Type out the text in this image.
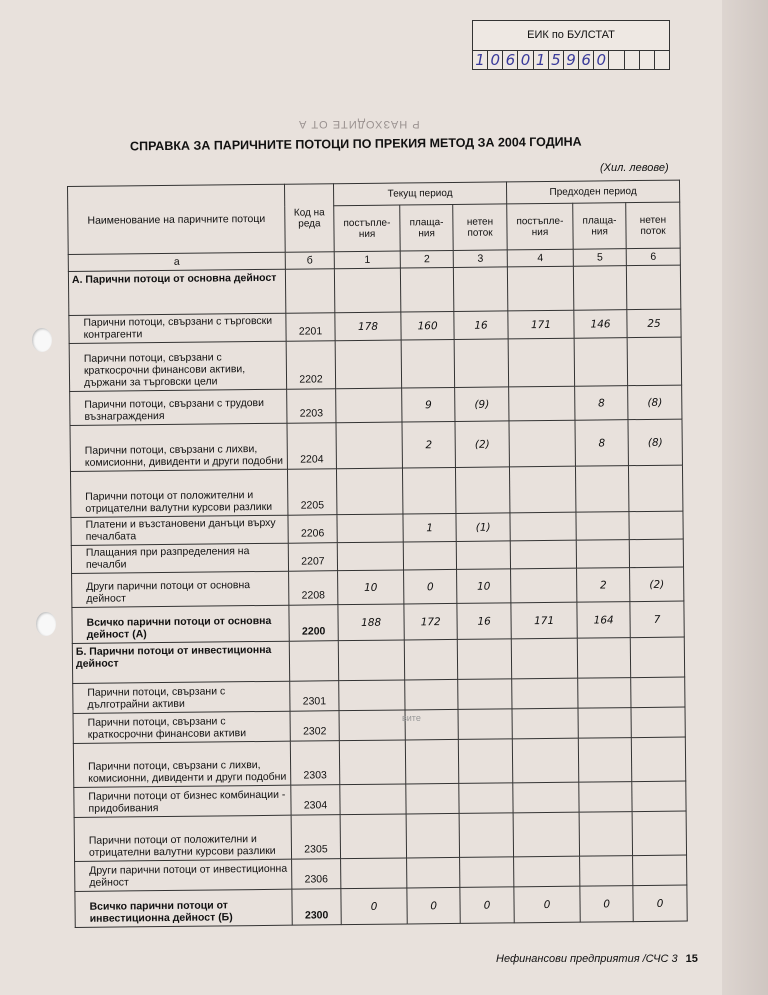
ЕИК по БУЛСТАТ
1 0 6 0 1 5 9 6 0
Р НАЗХОДИТЕ ОТ А
СПРАВКА ЗА ПАРИЧНИТЕ ПОТОЦИ ПО ПРЕКИЯ МЕТОД ЗА 2004 ГОДИНА
(Хил. левове)
Наименование на паричните потоци	Код на реда	Текущ период			Предходен период		
		постъпле-ния	плаща-ния	нетен поток	постъпле-ния	плаща-ния	нетен поток
а	б	1	2	3	4	5	6
А. Парични потоци от основна дейност							
Парични потоци, свързани с търговски контрагенти	2201	178	160	16	171	146	25
Парични потоци, свързани с краткосрочни финансови активи, държани за търговски цели	2202						
Парични потоци, свързани с трудови възнаграждения	2203		9	(9)		8	(8)
Парични потоци, свързани с лихви, комисионни, дивиденти и други подобни	2204		2	(2)		8	(8)
Парични потоци от положителни и отрицателни валутни курсови разлики	2205						
Платени и възстановени данъци върху печалбата	2206		1	(1)			
Плащания при разпределения на печалби	2207						
Други парични потоци от основна дейност	2208	10	0	10		2	(2)
Всичко парични потоци от основна дейност (А)	2200	188	172	16	171	164	7
Б. Парични потоци от инвестиционна дейност							
Парични потоци, свързани с дълготрайни активи	2301						
Парични потоци, свързани с краткосрочни финансови активи	2302						
Парични потоци, свързани с лихви, комисионни, дивиденти и други подобни	2303						
Парични потоци от бизнес комбинации - придобивания	2304						
Парични потоци от положителни и отрицателни валутни курсови разлики	2305						
Други парични потоци от инвестиционна дейност	2306						
Всичко парични потоци от инвестиционна дейност (Б)	2300	0	0	0	0	0	0
вите
Нефинансови предприятия /СЧС 3 15
